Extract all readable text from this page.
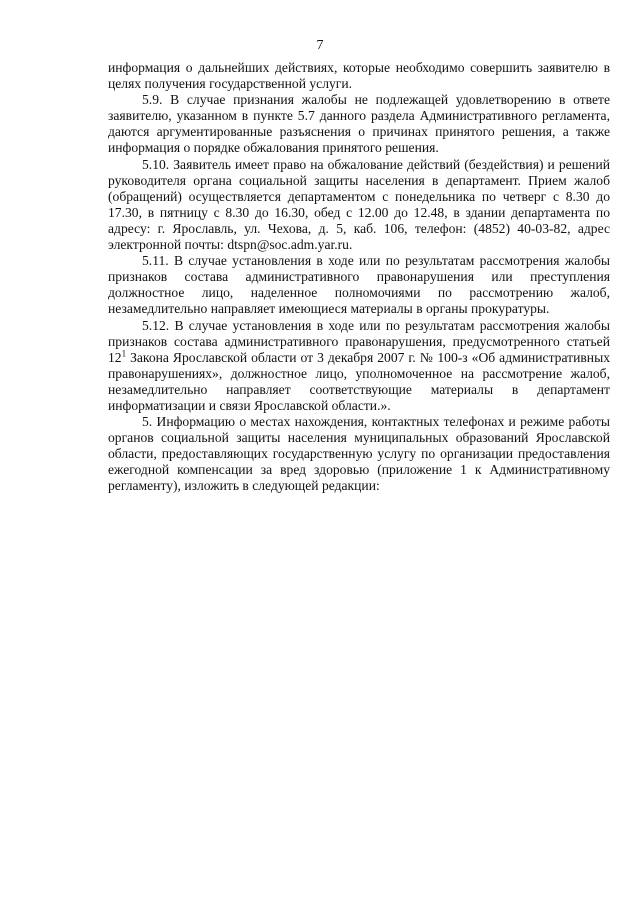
7

информация о дальнейших действиях, которые необходимо совершить заявителю в целях получения государственной услуги.

5.9. В случае признания жалобы не подлежащей удовлетворению в ответе заявителю, указанном в пункте 5.7 данного раздела Административного регламента, даются аргументированные разъяснения о причинах принятого решения, а также информация о порядке обжалования принятого решения.

5.10. Заявитель имеет право на обжалование действий (бездействия) и решений руководителя органа социальной защиты населения в департамент. Прием жалоб (обращений) осуществляется департаментом с понедельника по четверг с 8.30 до 17.30, в пятницу с 8.30 до 16.30, обед с 12.00 до 12.48, в здании департамента по адресу: г. Ярославль, ул. Чехова, д. 5, каб. 106, телефон: (4852) 40-03-82, адрес электронной почты: dtspn@soc.adm.yar.ru.

5.11. В случае установления в ходе или по результатам рассмотрения жалобы признаков состава административного правонарушения или преступления должностное лицо, наделенное полномочиями по рассмотрению жалоб, незамедлительно направляет имеющиеся материалы в органы прокуратуры.

5.12. В случае установления в ходе или по результатам рассмотрения жалобы признаков состава административного правонарушения, предусмотренного статьей $12^1$ Закона Ярославской области от 3 декабря 2007 г. № 100-з «Об административных правонарушениях», должностное лицо, уполномоченное на рассмотрение жалоб, незамедлительно направляет соответствующие материалы в департамент информатизации и связи Ярославской области.».

5. Информацию о местах нахождения, контактных телефонах и режиме работы органов социальной защиты населения муниципальных образований Ярославской области, предоставляющих государственную услугу по организации предоставления ежегодной компенсации за вред здоровью (приложение 1 к Административному регламенту), изложить в следующей редакции:
